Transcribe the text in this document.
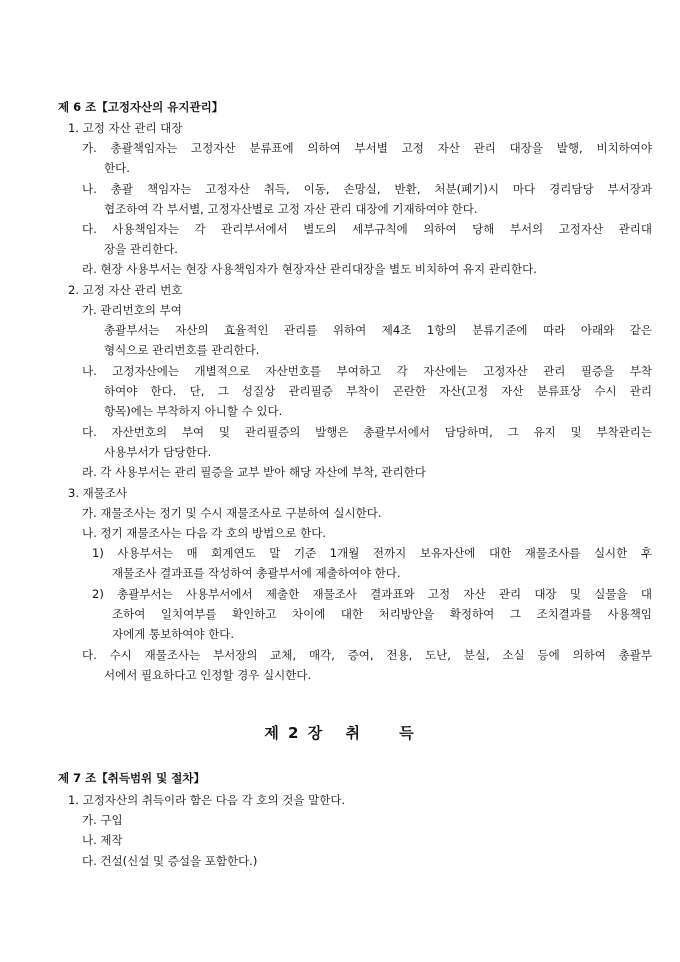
제 6 조【고정자산의 유지관리】
1. 고정 자산 관리 대장
가. 총괄책임자는 고정자산 분류표에 의하여 부서별 고정 자산 관리 대장을 발행, 비치하여야
한다.
나. 총괄 책임자는 고정자산 취득, 이동, 손망실, 반환, 처분(폐기)시 마다 경리담당 부서장과
협조하여 각 부서별, 고정자산별로 고정 자산 관리 대장에 기재하여야 한다.
다. 사용책임자는 각 관리부서에서 별도의 세부규칙에 의하여 당해 부서의 고정자산 관리대
장을 관리한다.
라. 현장 사용부서는 현장 사용책임자가 현장자산 관리대장을 별도 비치하여 유지 관리한다.
2. 고정 자산 관리 번호
가. 관리번호의 부여
총괄부서는 자산의 효율적인 관리를 위하여 제4조 1항의 분류기준에 따라 아래와 같은
형식으로 관리번호를 관리한다.
나. 고정자산에는 개별적으로 자산번호를 부여하고 각 자산에는 고정자산 관리 필증을 부착
하여야 한다. 단, 그 성질상 관리필증 부착이 곤란한 자산(고정 자산 분류표상 수시 관리
항목)에는 부착하지 아니할 수 있다.
다. 자산번호의 부여 및 관리필증의 발행은 총괄부서에서 담당하며, 그 유지 및 부착관리는
사용부서가 담당한다.
라. 각 사용부서는 관리 필증을 교부 받아 해당 자산에 부착, 관리한다
3. 재물조사
가. 재물조사는 정기 및 수시 재물조사로 구분하여 실시한다.
나. 정기 재물조사는 다음 각 호의 방법으로 한다.
1) 사용부서는 매 회계연도 말 기준 1개월 전까지 보유자산에 대한 재물조사를 실시한 후
재물조사 결과표를 작성하여 총괄부서에 제출하여야 한다.
2) 총괄부서는 사용부서에서 제출한 재물조사 결과표와 고정 자산 관리 대장 및 실물을 대
조하여 일치여부를 확인하고 차이에 대한 처리방안을 확정하여 그 조치결과를 사용책임
자에게 통보하여야 한다.
다. 수시 재물조사는 부서장의 교체, 매각, 증여, 전용, 도난, 분실, 소실 등에 의하여 총괄부
서에서 필요하다고 인정할 경우 실시한다.
제 2 장 취 득
제 7 조【취득범위 및 절차】
1. 고정자산의 취득이라 함은 다음 각 호의 것을 말한다.
가. 구입
나. 제작
다. 건설(신설 및 증설을 포함한다.)
